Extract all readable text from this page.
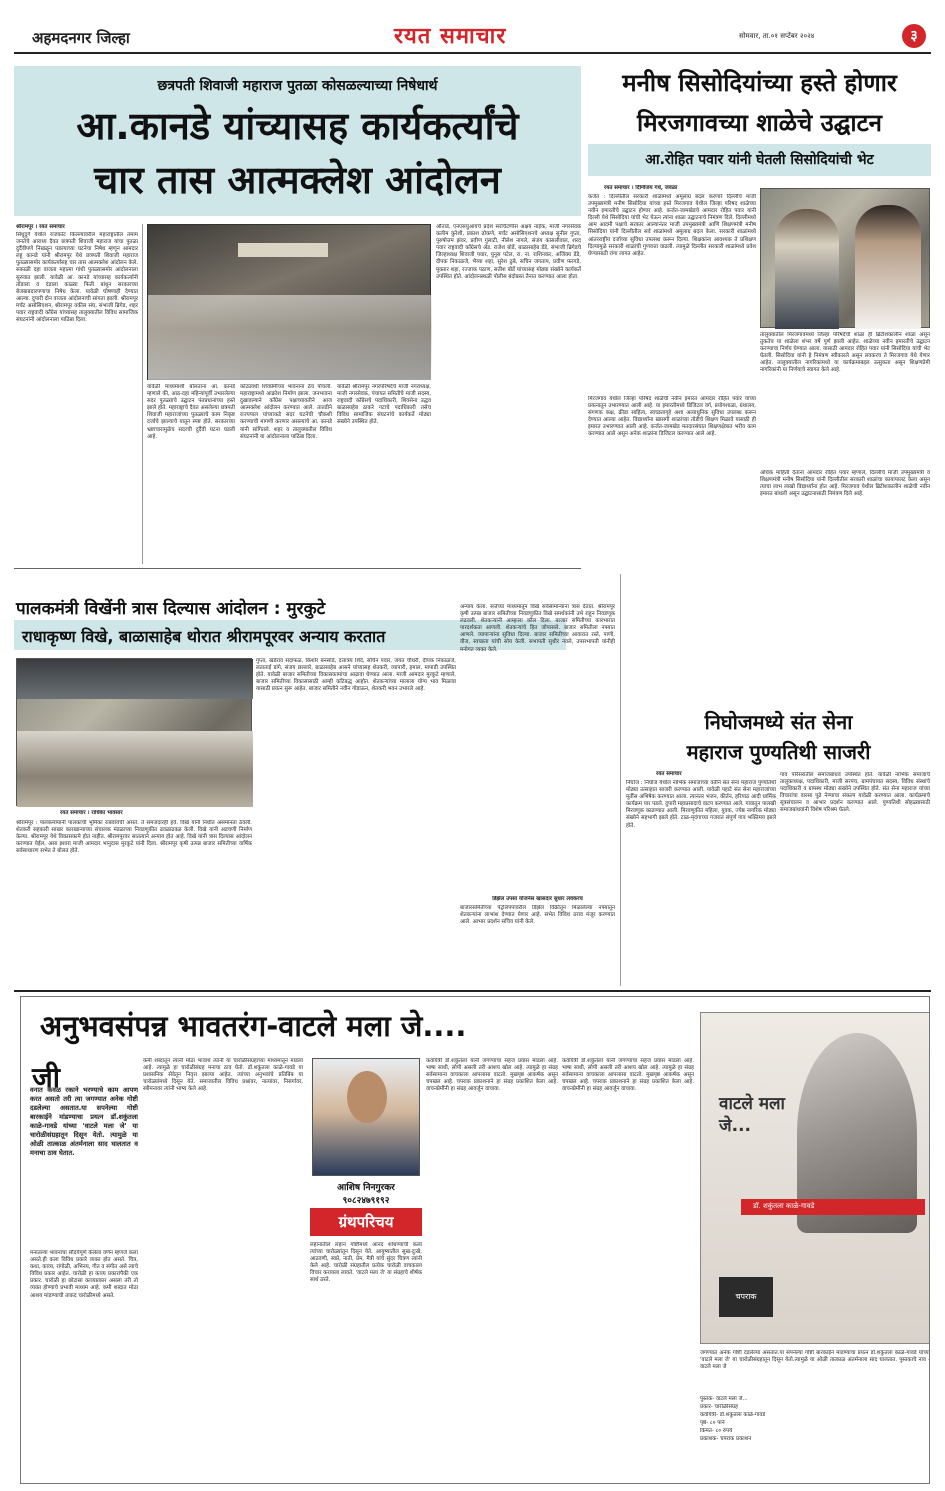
अहमदनगर जिल्हा	रयत समाचार	सोमवार, ता.०१ सप्टेंबर २०२४	३
छत्रपती शिवाजी महाराज पुतळा कोसळल्याच्या निषेधार्थ
आ.कानडे यांच्यासह कार्यकर्त्यांचे
चार तास आत्मक्लेश आंदोलन
श्रीरामपूर । रयत समाचार
सिंधुदुर्ग येथील राजकोट किल्ल्यावरील महाराष्ट्रातील तमाम जनतेचे आराध्य दैवत छत्रपती शिवाजी महाराज यांचा पुतळा दुर्दैवीपणे निखळून पडल्याच्या घटनेचा निषेध म्हणून आमदार लहू कानडे यांनी श्रीरामपूर येथे छत्रपती शिवाजी महाराज पुतळ्यासमोर कार्यकर्त्यांसह चार तास आत्मक्लेश आंदोलन केले. सकाळी दहा वाजता महात्मा गांधी पुतळ्यासमोर आंदोलनाला सुरुवात झाली. यावेळी आ. कानडे यांच्यासह कार्यकर्त्यांनी तोंडाला व दंडाला काळ्या फिती बांधून सरकारच्या बेजबाबदारपणाचा निषेध केला. यावेळी घोषणाही देण्यात आल्या. दुपारी दोन वाजता आंदोलनाची सांगता झाली. श्रीरामपूर मर्चंट असोसिएशन, श्रीरामपूर वकील संघ, संभाजी ब्रिगेड, शहर पवार राष्ट्रवादी काँग्रेस यांच्यासह तालुक्यातील विविध सामाजिक संघटनांनी आंदोलनाला पाठिंबा दिला.
यावेळी माध्यमांशी बोलताना आ. कानडे म्हणाले की, आठ-दहा महिन्यांपूर्वी उभारलेल्या सदर पुतळ्याचे उद्घाटन पंतप्रधानांच्या हस्ते झाले होते. महाराष्ट्राचे दैवत असलेल्या छत्रपती शिवाजी महाराजांच्या पुतळ्याचे काम निकृष्ट दर्जाचे झाल्याचे यातून स्पष्ट होते. सरकारच्या भ्रष्टाचारामुळेच सदरची दुर्दैवी घटना घडली आहे.
कोट्यवधी शिवप्रेमींच्या भावनांना ठेच पोचली. महाराष्ट्रामध्ये आक्रोश निर्माण झाला. जनभावना दुखावल्याने काँग्रेस पक्षाच्यावतीने आज आत्मक्लेश आंदोलन करण्यात आले. तातडीने राज्यपाल यांच्याकडे सदर घटनेची चौकशी करण्याची मागणी करणार असल्याचे आ. कानडे यांनी सांगितले. शहर व तालुक्यातील विविध संघटनांनी या आंदोलनाला पाठिंबा दिला.
यावेळी श्रीरामपूर नगरपरिषदेचे माजी नगराध्यक्ष, माजी नगरसेवक, पंचायत समितीचे माजी सदस्य, राष्ट्रवादी काँग्रेसचे पदाधिकारी, शिवसेना उद्धव बाळासाहेब ठाकरे गटाचे पदाधिकारी तसेच विविध सामाजिक संघटनांचे कार्यकर्ते मोठ्या संख्येने उपस्थित होते.
औताडे, एनएसयुआयचे प्रदेश सरचिटणीस अक्षय नाईक, माजी नगरसेवक कलीम कुरेशी, प्रकाश ढोकणे, मर्चंट असोसिएशनचे अध्यक्ष सुनील गुप्ता, पुरुषोत्तम झंवर, प्रवीण गुलाटी, नीलेश नागले, संजय कासलीवाल, शरद पवार राष्ट्रवादी काँग्रेसचे ॲड. राजेश बोर्डे, बाळासाहेब डेंडे, संभाजी ब्रिगेडचे जिल्हाध्यक्ष शिवाजी पवार, युनूस पटेल, रा. ना. राशिनकर, अजिंक्य डेंडे, दीपक निकाळजे, भैय्या शहा, सुरेश ठुबे, सचिन जगताप, प्रवीण फरगडे, मुक्तार शहा, रज्जाक पठाण, सतीश बोर्डे यांच्यासह मोठ्या संख्येने कार्यकर्ते उपस्थित होते. आंदोलनस्थळी पोलीस बंदोबस्त तैनात करण्यात आला होता.
मनीष सिसोदियांच्या हस्ते होणार
मिरजगावच्या शाळेचे उद्घाटन
आ.रोहित पवार यांनी घेतली सिसोदियांची भेट
रयत समाचार । दिग्विजय गंधे, जवळा
कर्जत : दिल्लीतील सरकारी शाळांमध्ये अमूलाग्र बदल करणारे दिल्लीचे माजी उपमुख्यमंत्री मनीष सिसोदिया यांच्या हस्ते मिरजगाव येथील जिल्हा परिषद शाळेच्या नवीन इमारतीचे उद्घाटन होणार आहे. कर्जत-जामखेडचे आमदार रोहित पवार यांनी दिल्ली येथे सिसोदिया यांची भेट घेऊन त्यांना शाळा उद्घाटनाचे निमंत्रण दिले. दिल्लीमध्ये आम आदमी पक्षाचे सरकार आल्यानंतर माजी उपमुख्यमंत्री आणि शिक्षणमंत्री मनीष सिसोदिया यांनी दिल्लीतील सर्व शाळांमध्ये अमूलाग्र बदल केला. सरकारी शाळांमध्ये आंतरराष्ट्रीय दर्जाच्या सुविधा उपलब्ध करून दिल्या. शिक्षकांना आवश्यक ते प्रशिक्षण दिल्यामुळे सरकारी शाळांची गुणवत्ता वाढली. त्यामुळे दिल्लीत सरकारी शाळांमध्ये प्रवेश घेण्यासाठी रांगा लागत आहेत.
मिरजगाव येथील जिल्हा परिषद शाळेची नवीन इमारत आमदार रोहित पवार यांच्या प्रयत्नातून उभारण्यात आली आहे. या इमारतीमध्ये डिजिटल वर्ग, प्रयोगशाळा, ग्रंथालय, संगणक कक्ष, क्रीडा साहित्य, स्वच्छतागृहे अशा अत्याधुनिक सुविधा उपलब्ध करून देण्यात आल्या आहेत. विद्यार्थ्यांना खासगी शाळांच्या तोडीचे शिक्षण मिळावे यासाठी ही इमारत उभारण्यात आली आहे. कर्जत-जामखेड मतदारसंघात शिक्षणक्षेत्रात भरीव काम करण्यात आले असून अनेक शाळांना डिजिटल करण्यात आले आहे.
तालुक्यातील मिरजगावमध्ये जिल्हा परिषदेची शाळा ही ब्रिटीशकालीन शाळा असून तुकतेच या शाळेला शंभर वर्षे पूर्ण झाली आहेत. शाळेच्या नवीन इमारतीचे उद्घाटन करण्याचा निर्णय घेण्यात आला. यासाठी आमदार रोहित पवार यांनी सिसोदिया यांची भेट घेतली. सिसोदिया यांनी हे निमंत्रण स्वीकारले असून लवकरच ते मिरजगाव येथे येणार आहेत. तालुक्यातील नागरिकांमध्ये या कार्यक्रमाबद्दल उत्सुकता असून शिक्षणप्रेमी नागरिकांनी या निर्णयाचे स्वागत केले आहे.
अधिक माहिती देताना आमदार रोहित पवार म्हणाले, दिल्लीचे माजी उपमुख्यमंत्री व शिक्षणमंत्री मनीष सिसोदिया यांनी दिल्लीतील सरकारी शाळांचा कायापालट केला असून त्याचा लाभ लाखो विद्यार्थ्यांना होत आहे. मिरजगाव येथील ब्रिटीशकालीन शाळेची नवीन इमारत बांधली असून उद्घाटनासाठी निमंत्रण दिले आहे.
पालकमंत्री विखेंनी त्रास दिल्यास आंदोलन : मुरकुटे
राधाकृष्ण विखे, बाळासाहेब थोरात श्रीरामपूरवर अन्याय करतात
रयत समाचार । राधिका भावसार
श्रीरामपूर : पालकमंत्र्यांनी पालकाची भूमिका राबवायची असते. ते समजदारही हवे. विखे यांनी निधीत असमानता ठेवली. शेतकरी सहकारी साखर कारखान्याच्या संचालक मंडळाच्या निवडणुकीत ढवळाढवळ केली. विखे यांनी अडचणी निर्माण केल्या. श्रीरामपूर येथे विकासकामे होत नाहीत. श्रीरामपूरवर सातत्याने अन्याय होत आहे. विखे यांनी त्रास दिल्यास आंदोलन करण्यात येईल, असा इशारा माजी आमदार भानुदास मुरकुटे यांनी दिला. श्रीरामपूर कृषी उत्पन्न बाजार समितीच्या वार्षिक सर्वसाधारण सभेत ते बोलत होते.
गुप्ता, खंडेराव सदाफळ, किशोर बनसोडे, दत्तात्रय शिंदे, सचिन पवार, जयंत चौधरी, दीपक निकाळजे, लताताई डांगे, संजय छल्लारे, बाळासाहेब आसने यांच्यासह शेतकरी, व्यापारी, हमाल, मापाडी उपस्थित होते. यावेळी बाजार समितीच्या विकासकामांचा आढावा घेण्यात आला. माजी आमदार मुरकुटे म्हणाले, बाजार समितीच्या विकासासाठी आम्ही कटिबद्ध आहोत. शेतकऱ्यांच्या मालाला योग्य भाव मिळावा यासाठी प्रयत्न सुरू आहेत. बाजार समितीने नवीन गोडाऊन, शेतकरी भवन उभारले आहे.
अन्याय केला. सत्तेच्या माध्यमातून विखे सर्वसामान्यांना त्रास देतात. श्रीरामपूर कृषी उत्पन्न बाजार समितीच्या निवडणुकीत विखे समर्थकांनी उभे राहून निवडणूक लढवली. शेतकऱ्यांनी आम्हाला कौल दिला. बाजार समितीच्या कारभारात पारदर्शकता आणली. शेतकऱ्यांचे हित जोपासले. बाजार समितीला नफ्यात आणले. व्यापाऱ्यांना सुविधा दिल्या. बाजार समितीच्या आवारात रस्ते, पाणी, वीज, स्वच्छता यांची सोय केली. सभापती सुधीर नवले, उपसभापती यांनीही मनोगत व्यक्त केले.
डिझेल उपसा योजनेस खासदार सुधार लवकरच
बाजारसमितीच्या पेट्रोलपंपावरील डिझेल विक्रीतून मिळालेल्या नफ्यातून शेतकऱ्यांना लाभांश देण्यात येणार आहे. सभेत विविध ठराव मंजूर करण्यात आले. आभार प्रदर्शन सचिव यांनी केले.
निघोजमध्ये संत सेना
महाराज पुण्यतिथी साजरी
रयत समाचार
निघोज : निघोज येथील नाभिक समाजाच्या वतीने संत सेना महाराज पुण्यतिथी मोठ्या उत्साहात साजरी करण्यात आली. यावेळी पहाटे संत सेना महाराजांच्या मूर्तीस अभिषेक करण्यात आला. त्यानंतर भजन, कीर्तन, हरिपाठ आदी धार्मिक कार्यक्रम पार पडले. दुपारी महाप्रसादाचे वाटप करण्यात आले. गावातून पालखी मिरवणूक काढण्यात आली. मिरवणुकीत महिला, युवक, ज्येष्ठ नागरिक मोठ्या संख्येने सहभागी झाले होते. टाळ-मृदंगाच्या गजरात संपूर्ण गाव भक्तिमय झाले होते.
गाव परिसरातील समाजबांधव उपस्थित होते. यावेळी नाभिक समाजाचे तालुकाध्यक्ष, पदाधिकारी, माजी सरपंच, ग्रामपंचायत सदस्य, विविध संस्थांचे पदाधिकारी व ग्रामस्थ मोठ्या संख्येने उपस्थित होते. संत सेना महाराज यांच्या विचारांचा वारसा पुढे नेण्याचा संकल्प यावेळी करण्यात आला. कार्यक्रमाचे सूत्रसंचालन व आभार प्रदर्शन करण्यात आले. पुण्यतिथी सोहळ्यासाठी समाजबांधवांनी विशेष परिश्रम घेतले.
अनुभवसंपन्न भावतरंग-वाटले मला जे....
जी
वनात केवळ रकाने भरण्याचे काम आपण करत असतो तरी त्या जगण्यात अनेक गोष्टी दडलेल्या असतात.या सपनेल्या गोष्टी बारकाईने मांडण्याचा प्रयत्न डॉ.शकुंतला काळे-गावडे यांच्या 'वाटले मला जे' या चारोळीसंग्रहातून दिसून येतो. त्यामुळे या ओळी तात्काळ अंतर्मनाला साद घालतात व मनाचा ठाव घेतात.
मनातल्या भावनांचा सौंदर्यपूर्ण केलेला वर्णन म्हणजे कला असते.ही कला विविध प्रकारे व्यक्त होत असते. चित्र, कथा, काव्य, रांगोळी, अभिनय, गीत व संगीत असे त्याचे विविध प्रकार आहेत. चारोळी हा काव्य प्रकारांपैकी एक प्रकार. चारोळी हा छोटासा काव्यप्रकार असला तरी तो व्यक्त होण्याचे प्रभावी माध्यम आहे. कमी शब्दात मोठा आशय मांडण्याची ताकद चारोळीमध्ये असते.
कमी शब्दांतून त्यांनी मोठा भावार्थ त्यांनी या चारोळीसंग्रहाच्या माध्यमातून मांडला आहे. त्यामुळे हा चारोळीसंग्रह मनाचा ठाव घेतो. डॉ.शकुंतला काळे-गावडे या प्रशासनिक सेवेतून निवृत्त झाल्या आहेत. त्यांच्या अनुभवांचे प्रतिबिंब या चारोळ्यांमध्ये दिसून येते. समाजातील विविध प्रश्नांवर, नात्यांवर, निसर्गावर, स्त्रीमनावर त्यांनी भाष्य केले आहे.
आशिष निनगुरकर
९०८२४७९१९२
ग्रंथपरिचय
लहानातील लहान गोष्टींमध्ये आनंद शोधण्याची कला त्यांच्या चारोळ्यांतून दिसून येते. आयुष्यातील सुख-दुःखे, आठवणी, स्वप्ने, नाती, प्रेम, मैत्री यांचे सुंदर चित्रण त्यांनी केले आहे. चारोळी संग्रहातील प्रत्येक चारोळी वाचकाला विचार करायला लावते. 'वाटले मला जे' या संग्रहाचे शीर्षक सार्थ ठरते.
कवयित्री डॉ.शकुंतला यांनी जगण्याचा सहज प्रवास मांडला आहे. भाषा साधी, सोपी असली तरी आशय खोल आहे. त्यामुळे हा संग्रह सर्वसामान्य वाचकाला आपलासा वाटतो. मुखपृष्ठ आकर्षक असून चपखल आहे. चपराक प्रकाशनाने हा संग्रह प्रकाशित केला आहे. वाचनप्रेमींनी हा संग्रह आवर्जून वाचावा.
कवयित्री डॉ.शकुंतला यांनी जगण्याचा सहज प्रवास मांडला आहे. भाषा साधी, सोपी असली तरी आशय खोल आहे. त्यामुळे हा संग्रह सर्वसामान्य वाचकाला आपलासा वाटतो. मुखपृष्ठ आकर्षक असून चपखल आहे. चपराक प्रकाशनाने हा संग्रह प्रकाशित केला आहे. वाचनप्रेमींनी हा संग्रह आवर्जून वाचावा.
वाटले मला जे...
डॉ. शकुंतला काळे-गावडे
चपराक
जगण्यात अनेक गोष्टी दडलेल्या असतात.या सपनेल्या गोष्टी बारकाईने मांडण्याचा प्रयत्न डॉ.शकुंतला काळे-गावडे यांच्या 'वाटले मला जे' या चारोळीसंग्रहातून दिसून येतो.त्यामुळे या ओळी तात्काळ अंतर्मनाला साद घालतात. पुस्तकाचे नाव - वाटले मला जे
पुस्तक- वाटले मला जे...
प्रकार- चारोळीसंग्रह
कवयित्री- डॉ.शकुंतला काळे-गावडे
पृष्ठे- ८० पाने
किंमत- ८० रुपये
प्रकाशक- चपराक प्रकाशन
